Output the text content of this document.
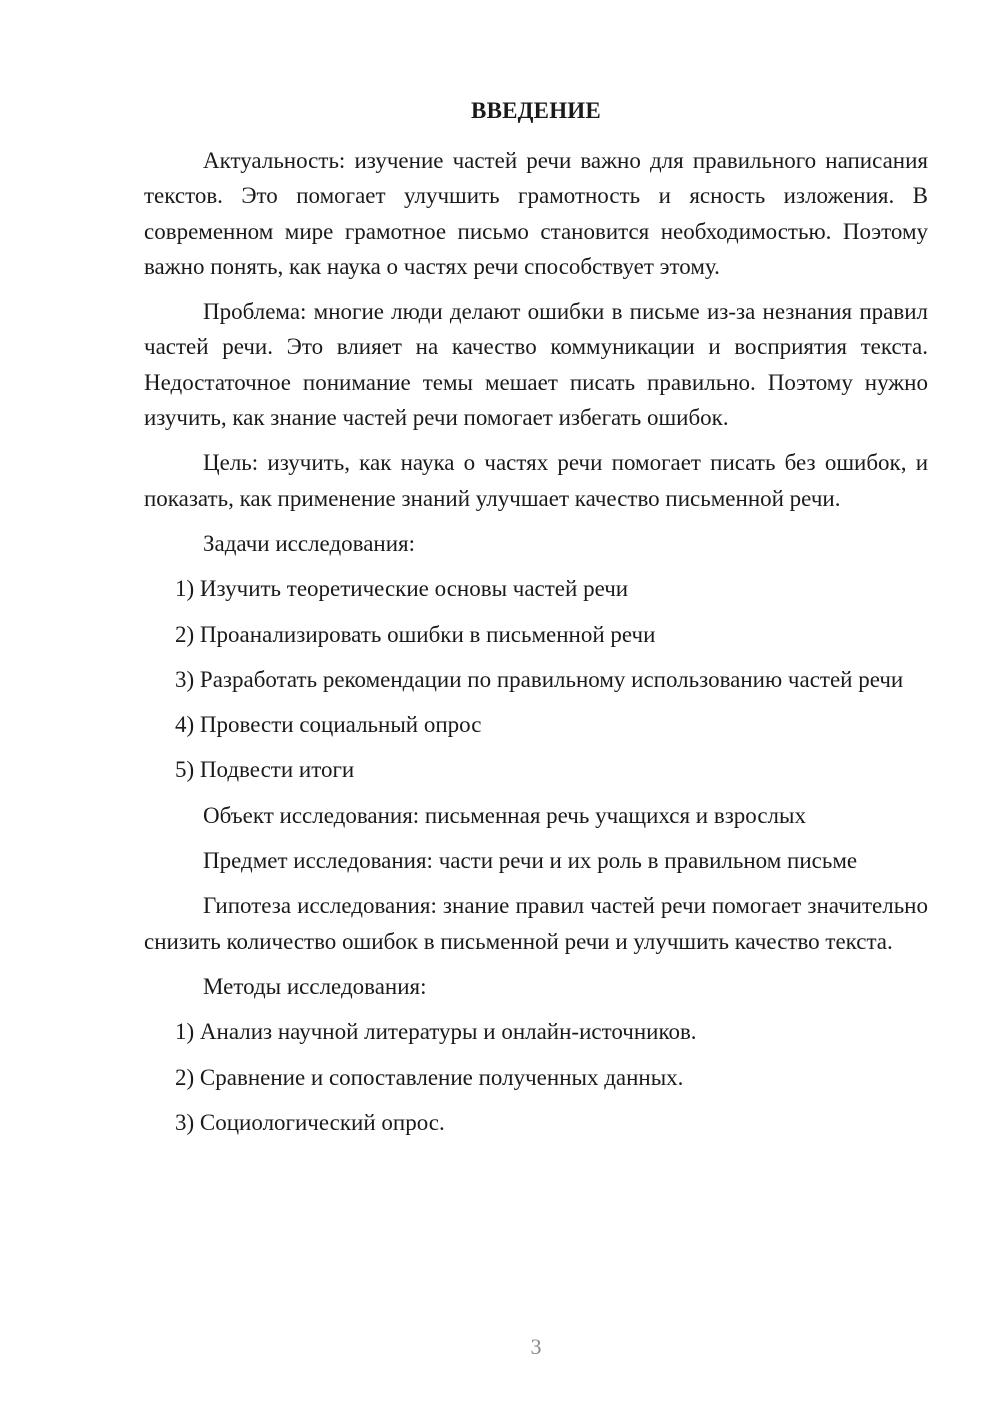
ВВЕДЕНИЕ

Актуальность: изучение частей речи важно для правильного написания текстов. Это помогает улучшить грамотность и ясность изложения. В современном мире грамотное письмо становится необходимостью. Поэтому важно понять, как наука о частях речи способствует этому.

Проблема: многие люди делают ошибки в письме из-за незнания правил частей речи. Это влияет на качество коммуникации и восприятия текста. Недостаточное понимание темы мешает писать правильно. Поэтому нужно изучить, как знание частей речи помогает избегать ошибок.

Цель: изучить, как наука о частях речи помогает писать без ошибок, и показать, как применение знаний улучшает качество письменной речи.

Задачи исследования:

1) Изучить теоретические основы частей речи

2) Проанализировать ошибки в письменной речи

3) Разработать рекомендации по правильному использованию частей речи

4) Провести социальный опрос

5) Подвести итоги

Объект исследования: письменная речь учащихся и взрослых

Предмет исследования: части речи и их роль в правильном письме

Гипотеза исследования: знание правил частей речи помогает значительно снизить количество ошибок в письменной речи и улучшить качество текста.

Методы исследования:

1) Анализ научной литературы и онлайн-источников.

2) Сравнение и сопоставление полученных данных.

3) Социологический опрос.

3
